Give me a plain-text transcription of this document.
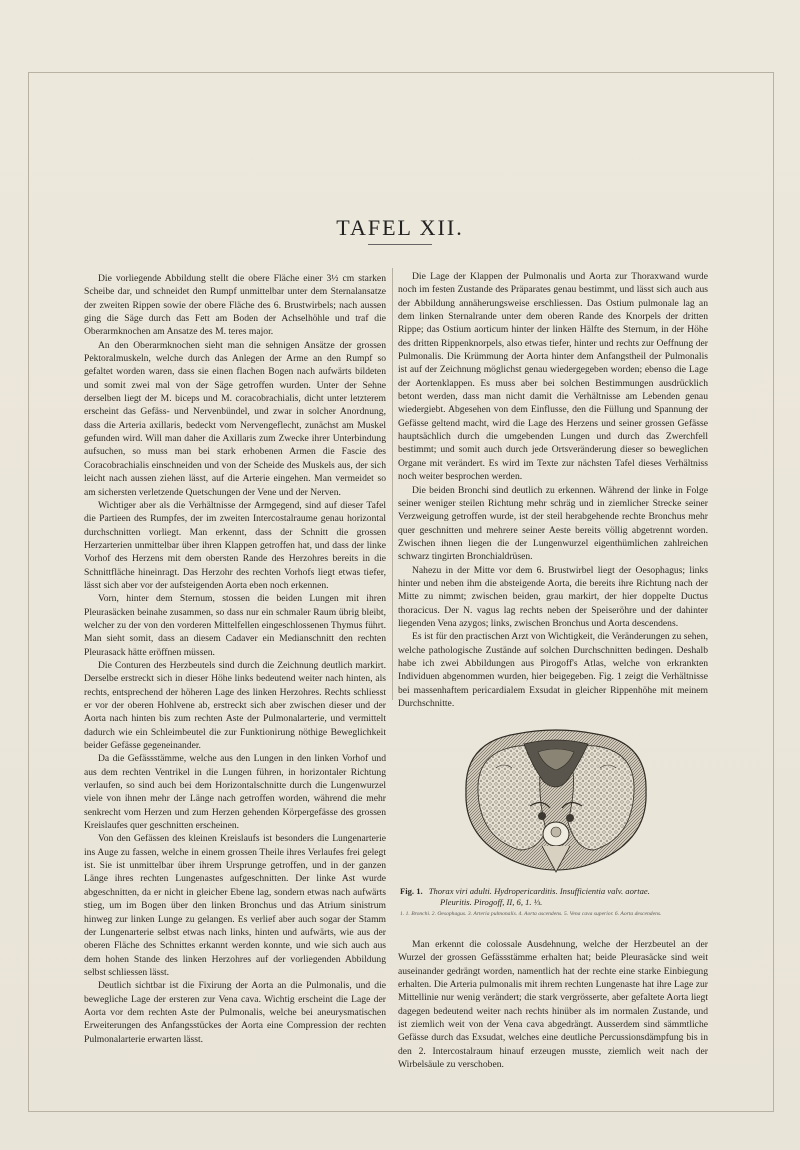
TAFEL XII.

Die vorliegende Abbildung stellt die obere Fläche einer 3½ cm starken Scheibe dar, und schneidet den Rumpf unmittelbar unter dem Sternalansatze der zweiten Rippen sowie der obere Fläche des 6. Brustwirbels; nach aussen ging die Säge durch das Fett am Boden der Achselhöhle und traf die Oberarmknochen am Ansatze des M. teres major.

An den Oberarmknochen sieht man die sehnigen Ansätze der grossen Pektoralmuskeln, welche durch das Anlegen der Arme an den Rumpf so gefaltet worden waren, dass sie einen flachen Bogen nach aufwärts bildeten und somit zwei mal von der Säge getroffen wurden. Unter der Sehne derselben liegt der M. biceps und M. coracobrachialis, dicht unter letzterem erscheint das Gefäss- und Nervenbündel, und zwar in solcher Anordnung, dass die Arteria axillaris, bedeckt vom Nervengeflecht, zunächst am Muskel gefunden wird. Will man daher die Axillaris zum Zwecke ihrer Unterbindung aufsuchen, so muss man bei stark erhobenen Armen die Fascie des Coracobrachialis einschneiden und von der Scheide des Muskels aus, der sich leicht nach aussen ziehen lässt, auf die Arterie eingehen. Man vermeidet so am sichersten verletzende Quetschungen der Vene und der Nerven.

Wichtiger aber als die Verhältnisse der Armgegend, sind auf dieser Tafel die Partieen des Rumpfes, der im zweiten Intercostalraume genau horizontal durchschnitten vorliegt. Man erkennt, dass der Schnitt die grossen Herzarterien unmittelbar über ihren Klappen getroffen hat, und dass der linke Vorhof des Herzens mit dem obersten Rande des Herzohres bereits in die Schnittfläche hineinragt. Das Herzohr des rechten Vorhofs liegt etwas tiefer, lässt sich aber vor der aufsteigenden Aorta eben noch erkennen.

Vorn, hinter dem Sternum, stossen die beiden Lungen mit ihren Pleurasäcken beinahe zusammen, so dass nur ein schmaler Raum übrig bleibt, welcher zu der von den vorderen Mittelfellen eingeschlossenen Thymus führt. Man sieht somit, dass an diesem Cadaver ein Medianschnitt den rechten Pleurasack hätte eröffnen müssen.

Die Conturen des Herzbeutels sind durch die Zeichnung deutlich markirt. Derselbe erstreckt sich in dieser Höhe links bedeutend weiter nach hinten, als rechts, entsprechend der höheren Lage des linken Herzohres. Rechts schliesst er vor der oberen Hohlvene ab, erstreckt sich aber zwischen dieser und der Aorta nach hinten bis zum rechten Aste der Pulmonalarterie, und vermittelt dadurch wie ein Schleimbeutel die zur Funktionirung nöthige Beweglichkeit beider Gefässe gegeneinander.

Da die Gefässstämme, welche aus den Lungen in den linken Vorhof und aus dem rechten Ventrikel in die Lungen führen, in horizontaler Richtung verlaufen, so sind auch bei dem Horizontalschnitte durch die Lungenwurzel viele von ihnen mehr der Länge nach getroffen worden, während die mehr senkrecht vom Herzen und zum Herzen gehenden Körpergefässe des grossen Kreislaufes quer geschnitten erscheinen.

Von den Gefässen des kleinen Kreislaufs ist besonders die Lungenarterie ins Auge zu fassen, welche in einem grossen Theile ihres Verlaufes frei gelegt ist. Sie ist unmittelbar über ihrem Ursprunge getroffen, und in der ganzen Länge ihres rechten Lungenastes aufgeschnitten. Der linke Ast wurde abgeschnitten, da er nicht in gleicher Ebene lag, sondern etwas nach aufwärts stieg, um im Bogen über den linken Bronchus und das Atrium sinistrum hinweg zur linken Lunge zu gelangen. Es verlief aber auch sogar der Stamm der Lungenarterie selbst etwas nach links, hinten und aufwärts, wie aus der oberen Fläche des Schnittes erkannt werden konnte, und wie sich auch aus dem hohen Stande des linken Herzohres auf der vorliegenden Abbildung selbst schliessen lässt.

Deutlich sichtbar ist die Fixirung der Aorta an die Pulmonalis, und die bewegliche Lage der ersteren zur Vena cava. Wichtig erscheint die Lage der Aorta vor dem rechten Aste der Pulmonalis, welche bei aneurysmatischen Erweiterungen des Anfangsstückes der Aorta eine Compression der rechten Pulmonalarterie erwarten lässt.

Die Lage der Klappen der Pulmonalis und Aorta zur Thoraxwand wurde noch im festen Zustande des Präparates genau bestimmt, und lässt sich auch aus der Abbildung annäherungsweise erschliessen. Das Ostium pulmonale lag an dem linken Sternalrande unter dem oberen Rande des Knorpels der dritten Rippe; das Ostium aorticum hinter der linken Hälfte des Sternum, in der Höhe des dritten Rippenknorpels, also etwas tiefer, hinter und rechts zur Oeffnung der Pulmonalis. Die Krümmung der Aorta hinter dem Anfangstheil der Pulmonalis ist auf der Zeichnung möglichst genau wiedergegeben worden; ebenso die Lage der Aortenklappen. Es muss aber bei solchen Bestimmungen ausdrücklich betont werden, dass man nicht damit die Verhältnisse am Lebenden genau wiedergiebt. Abgesehen von dem Einflusse, den die Füllung und Spannung der Gefässe geltend macht, wird die Lage des Herzens und seiner grossen Gefässe hauptsächlich durch die umgebenden Lungen und durch das Zwerchfell bestimmt; und somit auch durch jede Ortsveränderung dieser so beweglichen Organe mit verändert. Es wird im Texte zur nächsten Tafel dieses Verhältniss noch weiter besprochen werden.

Die beiden Bronchi sind deutlich zu erkennen. Während der linke in Folge seiner weniger steilen Richtung mehr schräg und in ziemlicher Strecke seiner Verzweigung getroffen wurde, ist der steil herabgehende rechte Bronchus mehr quer geschnitten und mehrere seiner Aeste bereits völlig abgetrennt worden. Zwischen ihnen liegen die der Lungenwurzel eigenthümlichen zahlreichen schwarz tingirten Bronchialdrüsen.

Nahezu in der Mitte vor dem 6. Brustwirbel liegt der Oesophagus; links hinter und neben ihm die absteigende Aorta, die bereits ihre Richtung nach der Mitte zu nimmt; zwischen beiden, grau markirt, der hier doppelte Ductus thoracicus. Der N. vagus lag rechts neben der Speiseröhre und der dahinter liegenden Vena azygos; links, zwischen Bronchus und Aorta descendens.

Es ist für den practischen Arzt von Wichtigkeit, die Veränderungen zu sehen, welche pathologische Zustände auf solchen Durchschnitten bedingen. Deshalb habe ich zwei Abbildungen aus Pirogoff's Atlas, welche von erkrankten Individuen abgenommen wurden, hier beigegeben. Fig. 1 zeigt die Verhältnisse bei massenhaftem pericardialem Exsudat in gleicher Rippenhöhe mit meinem Durchschnitte.

Fig. 1. Thorax viri adulti. Hydropericarditis. Insufficientia valv. aortae.
Pleuritis. Pirogoff, II, 6, 1. ⅓.
1. 1. Bronchi. 2. Oesophagus. 3. Arteria pulmonalis. 4. Aorta ascendens. 5. Vena cava superior. 6. Aorta descendens.

Man erkennt die colossale Ausdehnung, welche der Herzbeutel an der Wurzel der grossen Gefässstämme erhalten hat; beide Pleurasäcke sind weit auseinander gedrängt worden, namentlich hat der rechte eine starke Einbiegung erhalten. Die Arteria pulmonalis mit ihrem rechten Lungenaste hat ihre Lage zur Mittellinie nur wenig verändert; die stark vergrösserte, aber gefaltete Aorta liegt dagegen bedeutend weiter nach rechts hinüber als im normalen Zustande, und ist ziemlich weit von der Vena cava abgedrängt. Ausserdem sind sämmtliche Gefässe durch das Exsudat, welches eine deutliche Percussionsdämpfung bis in den 2. Intercostalraum hinauf erzeugen musste, ziemlich weit nach der Wirbelsäule zu verschoben.
